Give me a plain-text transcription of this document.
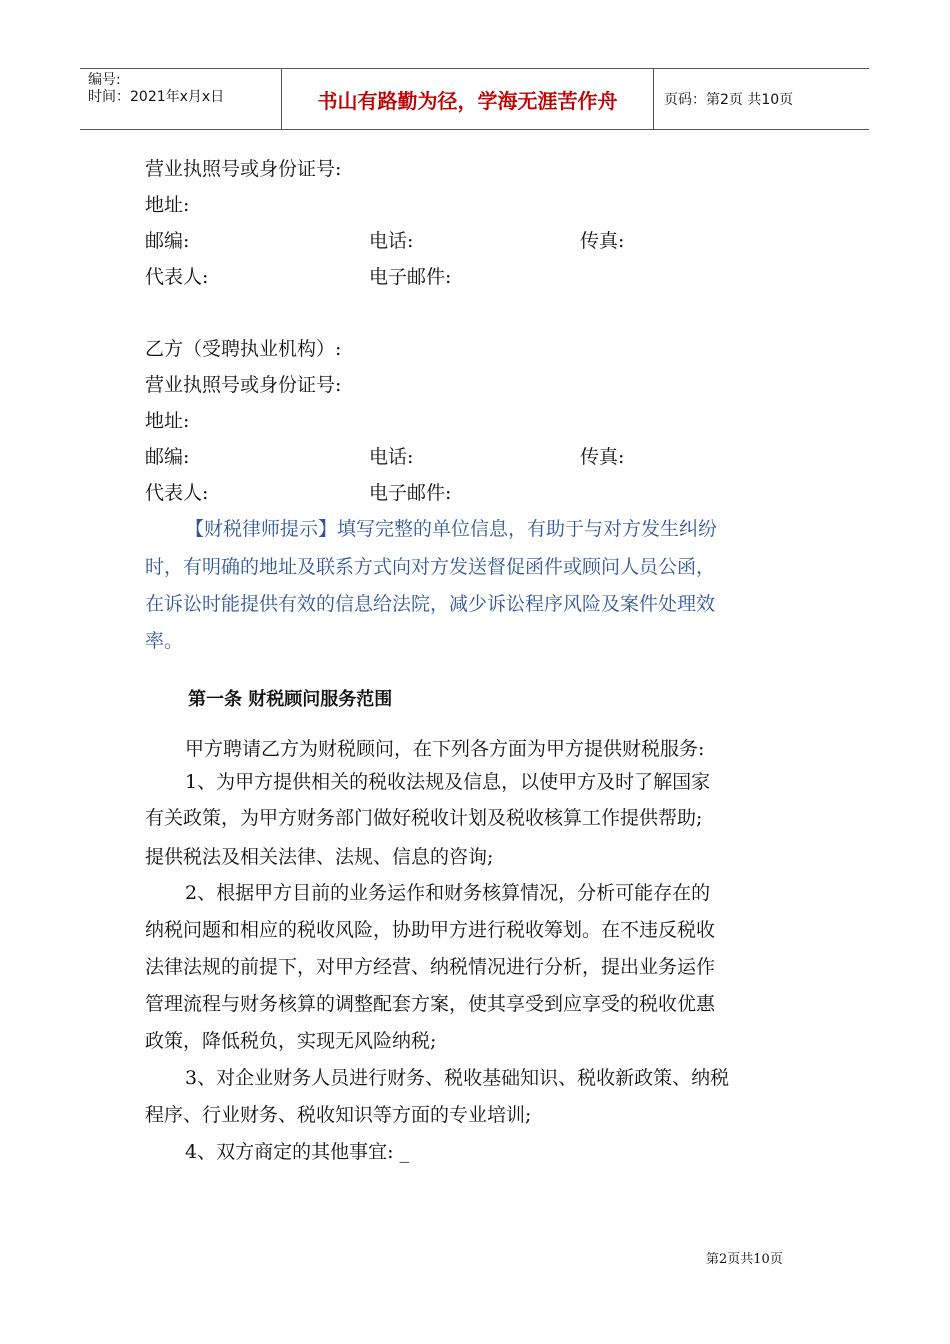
编号:
时间：2021年x月x日	书山有路勤为径，学海无涯苦作舟	页码：第2页 共10页
营业执照号或身份证号:
地址:
邮编:	电话:	传真:
代表人:	电子邮件:
乙方（受聘执业机构）:
营业执照号或身份证号:
地址:
邮编:	电话:	传真:
代表人:	电子邮件:
【财税律师提示】填写完整的单位信息，有助于与对方发生纠纷
时，有明确的地址及联系方式向对方发送督促函件或顾问人员公函，
在诉讼时能提供有效的信息给法院，减少诉讼程序风险及案件处理效
率。
第一条 财税顾问服务范围
甲方聘请乙方为财税顾问，在下列各方面为甲方提供财税服务:
1、为甲方提供相关的税收法规及信息，以使甲方及时了解国家
有关政策，为甲方财务部门做好税收计划及税收核算工作提供帮助;
提供税法及相关法律、法规、信息的咨询;
2、根据甲方目前的业务运作和财务核算情况，分析可能存在的
纳税问题和相应的税收风险，协助甲方进行税收筹划。在不违反税收
法律法规的前提下，对甲方经营、纳税情况进行分析，提出业务运作
管理流程与财务核算的调整配套方案，使其享受到应享受的税收优惠
政策，降低税负，实现无风险纳税;
3、对企业财务人员进行财务、税收基础知识、税收新政策、纳税
程序、行业财务、税收知识等方面的专业培训;
4、双方商定的其他事宜: _
第2页共10页
